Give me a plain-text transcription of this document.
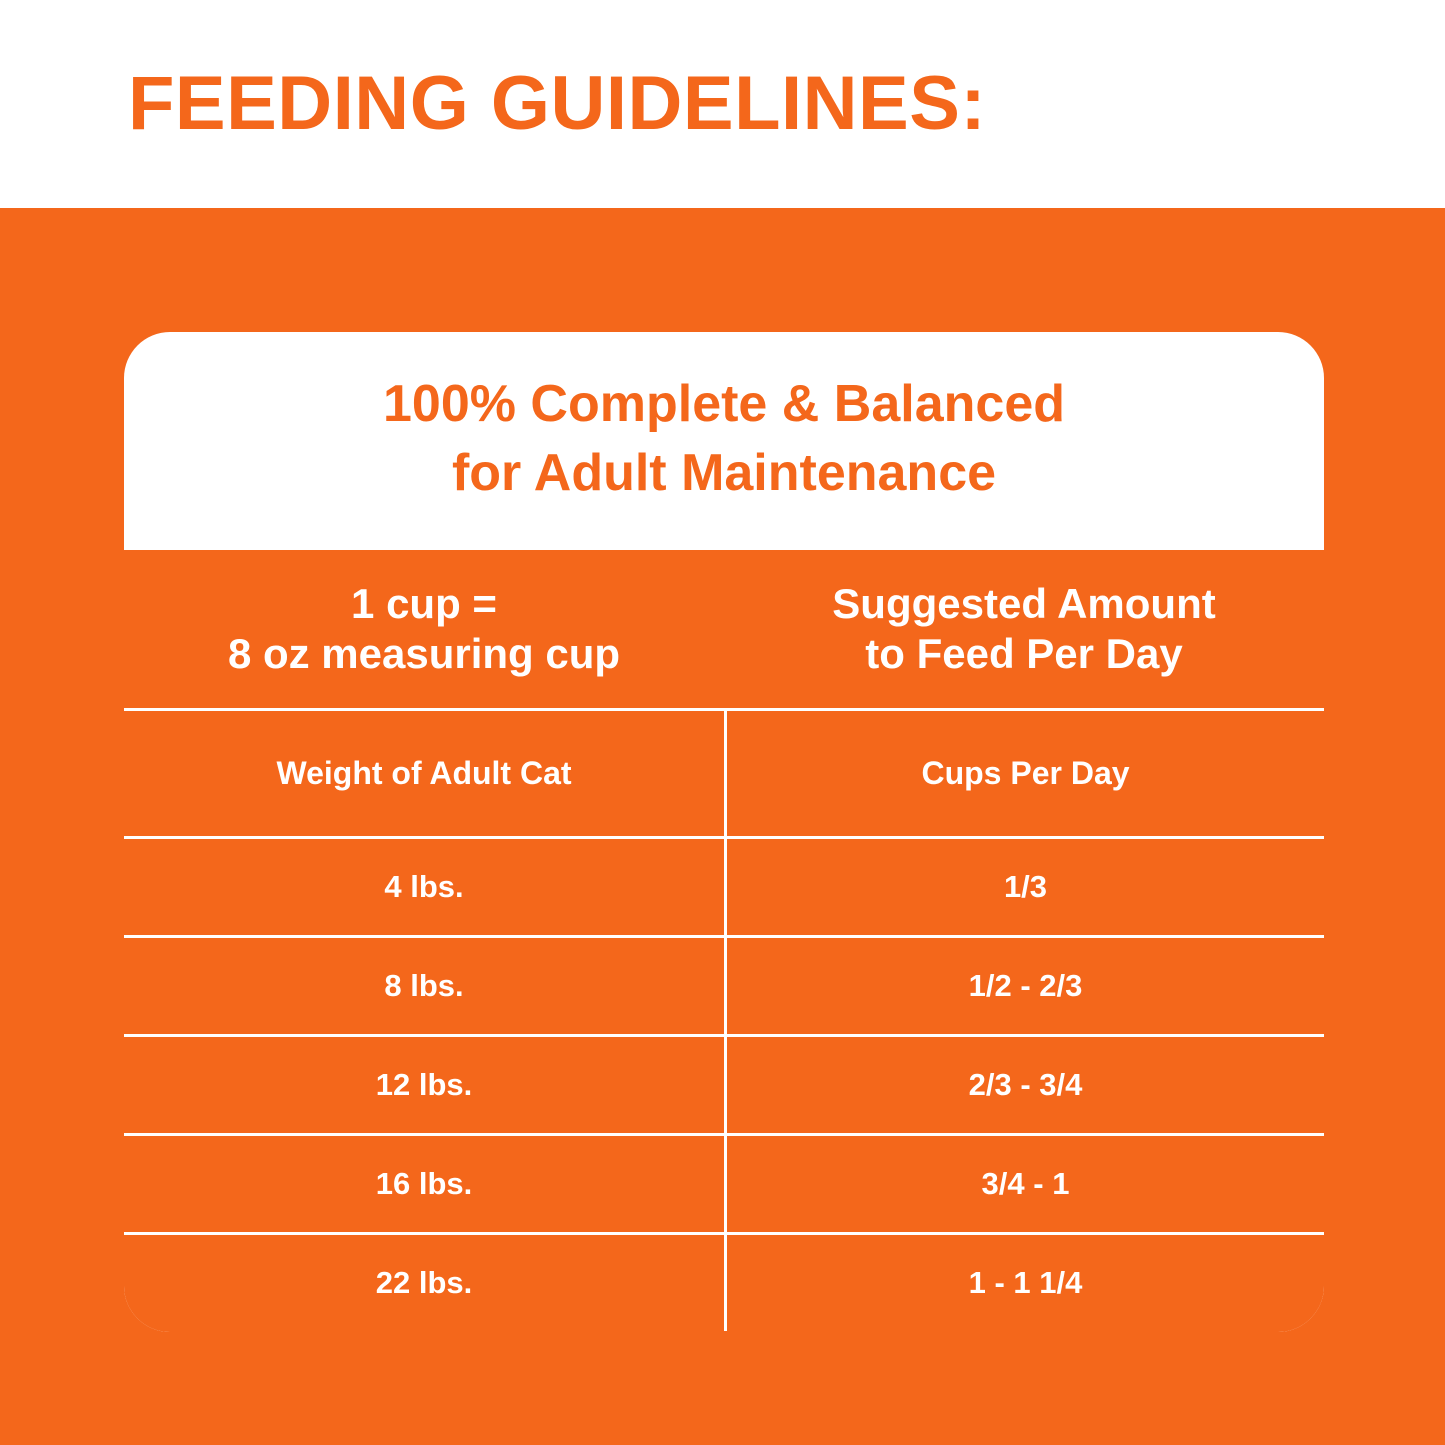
FEEDING GUIDELINES:
100% Complete & Balanced
for Adult Maintenance
1 cup =
8 oz measuring cup
Suggested Amount
to Feed Per Day
Weight of Adult Cat	Cups Per Day
4 lbs.	1/3
8 lbs.	1/2 - 2/3
12 lbs.	2/3 - 3/4
16 lbs.	3/4 - 1
22 lbs.	1 - 1 1/4
